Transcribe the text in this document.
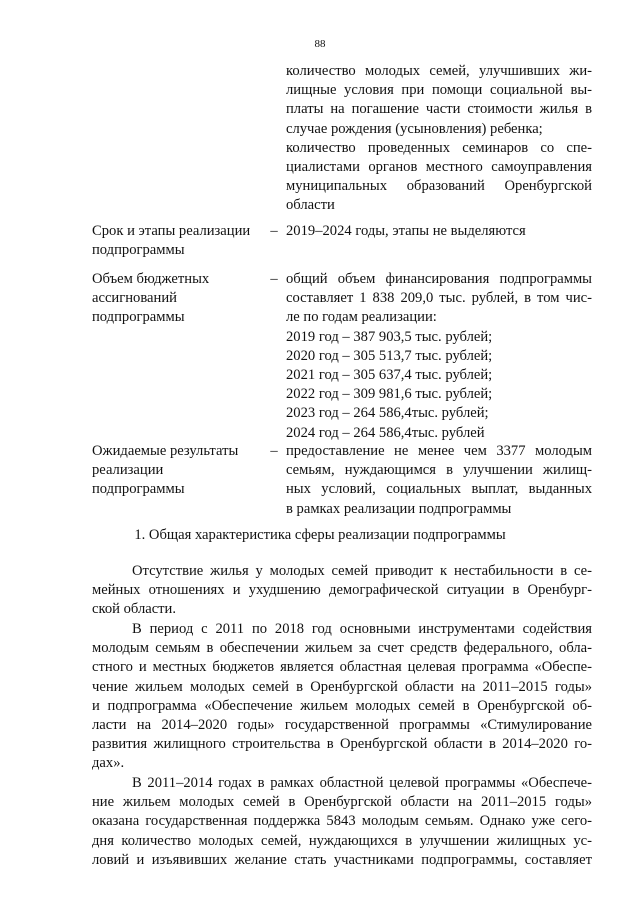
88
количество молодых семей, улучшивших жи-
лищные условия при помощи социальной вы-
платы на погашение части стоимости жилья в
случае рождения (усыновления) ребенка;
количество проведенных семинаров со спе-
циалистами органов местного самоуправления
муниципальных образований Оренбургской
области
Срок и этапы реализации
подпрограммы
– 2019–2024 годы, этапы не выделяются
Объем бюджетных
ассигнований
подпрограммы
– общий объем финансирования подпрограммы
составляет 1 838 209,0 тыс. рублей, в том чис-
ле по годам реализации:
2019 год – 387 903,5 тыс. рублей;
2020 год – 305 513,7 тыс. рублей;
2021 год – 305 637,4 тыс. рублей;
2022 год – 309 981,6 тыс. рублей;
2023 год – 264 586,4тыс. рублей;
2024 год – 264 586,4тыс. рублей
Ожидаемые результаты
реализации
подпрограммы
– предоставление не менее чем 3377 молодым
семьям, нуждающимся в улучшении жилищ-
ных условий, социальных выплат, выданных
в рамках реализации подпрограммы
1. Общая характеристика сферы реализации подпрограммы
Отсутствие жилья у молодых семей приводит к нестабильности в се-
мейных отношениях и ухудшению демографической ситуации в Оренбург-
ской области.
В период с 2011 по 2018 год основными инструментами содействия
молодым семьям в обеспечении жильем за счет средств федерального, обла-
стного и местных бюджетов является областная целевая программа «Обеспе-
чение жильем молодых семей в Оренбургской области на 2011–2015 годы»
и подпрограмма «Обеспечение жильем молодых семей в Оренбургской об-
ласти на 2014–2020 годы» государственной программы «Стимулирование
развития жилищного строительства в Оренбургской области в 2014–2020 го-
дах».
В 2011–2014 годах в рамках областной целевой программы «Обеспече-
ние жильем молодых семей в Оренбургской области на 2011–2015 годы»
оказана государственная поддержка 5843 молодым семьям. Однако уже сего-
дня количество молодых семей, нуждающихся в улучшении жилищных ус-
ловий и изъявивших желание стать участниками подпрограммы, составляет
